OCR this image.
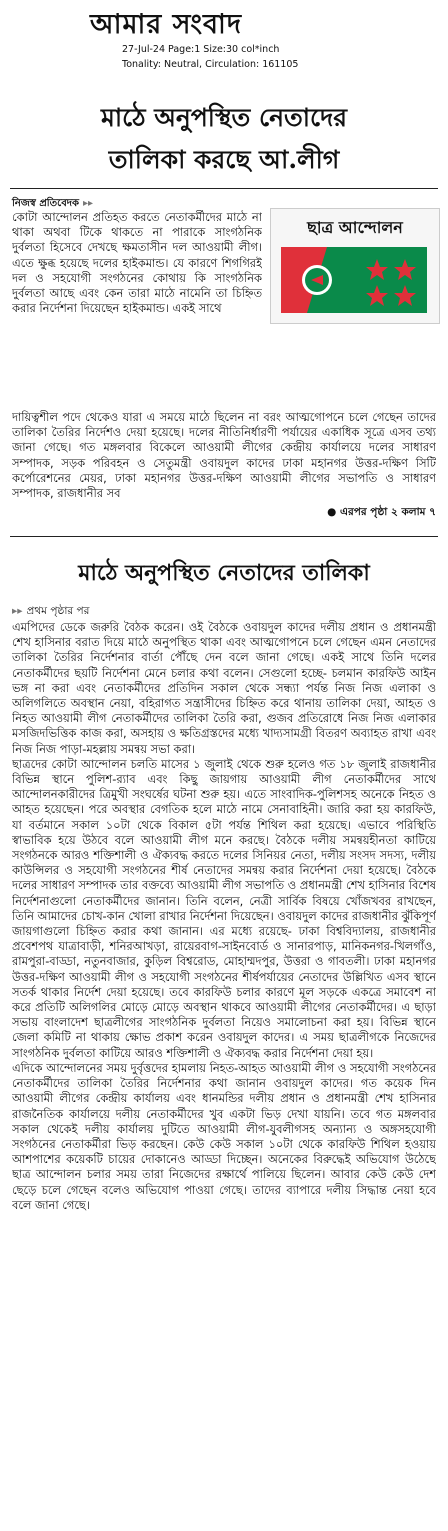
আমার সংবাদ
27-Jul-24 Page:1 Size:30 col*inch
Tonality: Neutral, Circulation: 161105
মাঠে অনুপস্থিত নেতাদের
তালিকা করছে আ.লীগ
নিজস্ব প্রতিবেদক ▸▸
ছাত্র আন্দোলন
কোটা আন্দোলন প্রতিহত করতে নেতাকর্মীদের মাঠে না থাকা অথবা টিকে থাকতে না পারাকে সাংগঠনিক দুর্বলতা হিসেবে দেখছে ক্ষমতাসীন দল আওয়ামী লীগ। এতে ক্ষুব্ধ হয়েছে দলের হাইকমান্ড। যে কারণে শিগগিরই দল ও সহযোগী সংগঠনের কোথায় কি সাংগঠনিক দুর্বলতা আছে এবং কেন তারা মাঠে নামেনি তা চিহ্নিত করার নির্দেশনা দিয়েছেন হাইকমান্ড। একই সাথে
দায়িত্বশীল পদে থেকেও যারা এ সময়ে মাঠে ছিলেন না বরং আত্মগোপনে চলে গেছেন তাদের তালিকা তৈরির নির্দেশও দেয়া হয়েছে। দলের নীতিনির্ধারণী পর্যায়ের একাধিক সূত্রে এসব তথ্য জানা গেছে। গত মঙ্গলবার বিকেলে আওয়ামী লীগের কেন্দ্রীয় কার্যালয়ে দলের সাধারণ সম্পাদক, সড়ক পরিবহন ও সেতুমন্ত্রী ওবায়দুল কাদের ঢাকা মহানগর উত্তর-দক্ষিণ সিটি কর্পোরেশনের মেয়র, ঢাকা মহানগর উত্তর-দক্ষিণ আওয়ামী লীগের সভাপতি ও সাধারণ সম্পাদক, রাজধানীর সব
● এরপর পৃষ্ঠা ২ কলাম ৭
মাঠে অনুপস্থিত নেতাদের তালিকা
▸▸ প্রথম পৃষ্ঠার পর

এমপিদের ডেকে জরুরি বৈঠক করেন। ওই বৈঠকে ওবায়দুল কাদের দলীয় প্রধান ও প্রধানমন্ত্রী শেখ হাসিনার বরাত দিয়ে মাঠে অনুপস্থিত থাকা এবং আত্মগোপনে চলে গেছেন এমন নেতাদের তালিকা তৈরির নির্দেশনার বার্তা পৌঁছে দেন বলে জানা গেছে। একই সাথে তিনি দলের নেতাকর্মীদের ছয়টি নির্দেশনা মেনে চলার কথা বলেন। সেগুলো হচ্ছে- চলমান কারফিউ আইন ভঙ্গ না করা এবং নেতাকর্মীদের প্রতিদিন সকাল থেকে সন্ধ্যা পর্যন্ত নিজ নিজ এলাকা ও অলিগলিতে অবস্থান নেয়া, বহিরাগত সন্ত্রাসীদের চিহ্নিত করে থানায় তালিকা দেয়া, আহত ও নিহত আওয়ামী লীগ নেতাকর্মীদের তালিকা তৈরি করা, গুজব প্রতিরোধে নিজ নিজ এলাকার মসজিদভিত্তিক কাজ করা, অসহায় ও ক্ষতিগ্রস্তদের মধ্যে খাদ্যসামগ্রী বিতরণ অব্যাহত রাখা এবং নিজ নিজ পাড়া-মহল্লায় সমন্বয় সভা করা।

ছাত্রদের কোটা আন্দোলন চলতি মাসের ১ জুলাই থেকে শুরু হলেও গত ১৮ জুলাই রাজধানীর বিভিন্ন স্থানে পুলিশ-র‍্যাব এবং কিছু জায়গায় আওয়ামী লীগ নেতাকর্মীদের সাথে আন্দোলনকারীদের ত্রিমুখী সংঘর্ষের ঘটনা শুরু হয়। এতে সাংবাদিক-পুলিশসহ অনেকে নিহত ও আহত হয়েছেন। পরে অবস্থার বেগতিক হলে মাঠে নামে সেনাবাহিনী। জারি করা হয় কারফিউ, যা বর্তমানে সকাল ১০টা থেকে বিকাল ৫টা পর্যন্ত শিথিল করা হয়েছে। এভাবে পরিস্থিতি স্বাভাবিক হয়ে উঠবে বলে আওয়ামী লীগ মনে করছে। বৈঠকে দলীয় সমন্বয়হীনতা কাটিয়ে সংগঠনকে আরও শক্তিশালী ও ঐক্যবদ্ধ করতে দলের সিনিয়র নেতা, দলীয় সংসদ সদস্য, দলীয় কাউন্সিলর ও সহযোগী সংগঠনের শীর্ষ নেতাদের সমন্বয় করার নির্দেশনা দেয়া হয়েছে। বৈঠকে দলের সাধারণ সম্পাদক তার বক্তব্যে আওয়ামী লীগ সভাপতি ও প্রধানমন্ত্রী শেখ হাসিনার বিশেষ নির্দেশনাগুলো নেতাকর্মীদের জানান। তিনি বলেন, নেত্রী সার্বিক বিষয়ে খোঁজখবর রাখছেন, তিনি আমাদের চোখ-কান খোলা রাখার নির্দেশনা দিয়েছেন। ওবায়দুল কাদের রাজধানীর ঝুঁকিপূর্ণ জায়গাগুলো চিহ্নিত করার কথা জানান। এর মধ্যে রয়েছে- ঢাকা বিশ্ববিদ্যালয়, রাজধানীর প্রবেশপথ যাত্রাবাড়ী, শনিরআখড়া, রায়েরবাগ-সাইনবোর্ড ও সানারপাড়, মানিকনগর-খিলগাঁও, রামপুরা-বাড্ডা, নতুনবাজার, কুড়িল বিশ্বরোড, মোহাম্মদপুর, উত্তরা ও গাবতলী। ঢাকা মহানগর উত্তর-দক্ষিণ আওয়ামী লীগ ও সহযোগী সংগঠনের শীর্ষপর্যায়ের নেতাদের উল্লিখিত এসব স্থানে সতর্ক থাকার নির্দেশ দেয়া হয়েছে। তবে কারফিউ চলার কারণে মূল সড়কে একত্রে সমাবেশ না করে প্রতিটি অলিগলির মোড়ে মোড়ে অবস্থান থাকবে আওয়ামী লীগের নেতাকর্মীদের। এ ছাড়া সভায় বাংলাদেশ ছাত্রলীগের সাংগঠনিক দুর্বলতা নিয়েও সমালোচনা করা হয়। বিভিন্ন স্থানে জেলা কমিটি না থাকায় ক্ষোভ প্রকাশ করেন ওবায়দুল কাদের। এ সময় ছাত্রলীগকে নিজেদের সাংগঠনিক দুর্বলতা কাটিয়ে আরও শক্তিশালী ও ঐক্যবদ্ধ করার নির্দেশনা দেয়া হয়।

এদিকে আন্দোলনের সময় দুর্বৃত্তদের হামলায় নিহত-আহত আওয়ামী লীগ ও সহযোগী সংগঠনের নেতাকর্মীদের তালিকা তৈরির নির্দেশনার কথা জানান ওবায়দুল কাদের। গত কয়েক দিন আওয়ামী লীগের কেন্দ্রীয় কার্যালয় এবং ধানমন্ডির দলীয় প্রধান ও প্রধানমন্ত্রী শেখ হাসিনার রাজনৈতিক কার্যালয়ে দলীয় নেতাকর্মীদের খুব একটা ভিড় দেখা যায়নি। তবে গত মঙ্গলবার সকাল থেকেই দলীয় কার্যালয় দুটিতে আওয়ামী লীগ-যুবলীগসহ অন্যান্য ও অঙ্গসহযোগী সংগঠনের নেতাকর্মীরা ভিড় করছেন। কেউ কেউ সকাল ১০টা থেকে কারফিউ শিথিল হওয়ায় আশপাশের কয়েকটি চায়ের দোকানেও আড্ডা দিচ্ছেন। অনেকের বিরুদ্ধেই অভিযোগ উঠেছে ছাত্র আন্দোলন চলার সময় তারা নিজেদের রক্ষার্থে পালিয়ে ছিলেন। আবার কেউ কেউ দেশ ছেড়ে চলে গেছেন বলেও অভিযোগ পাওয়া গেছে। তাদের ব্যাপারে দলীয় সিদ্ধান্ত নেয়া হবে বলে জানা গেছে।
